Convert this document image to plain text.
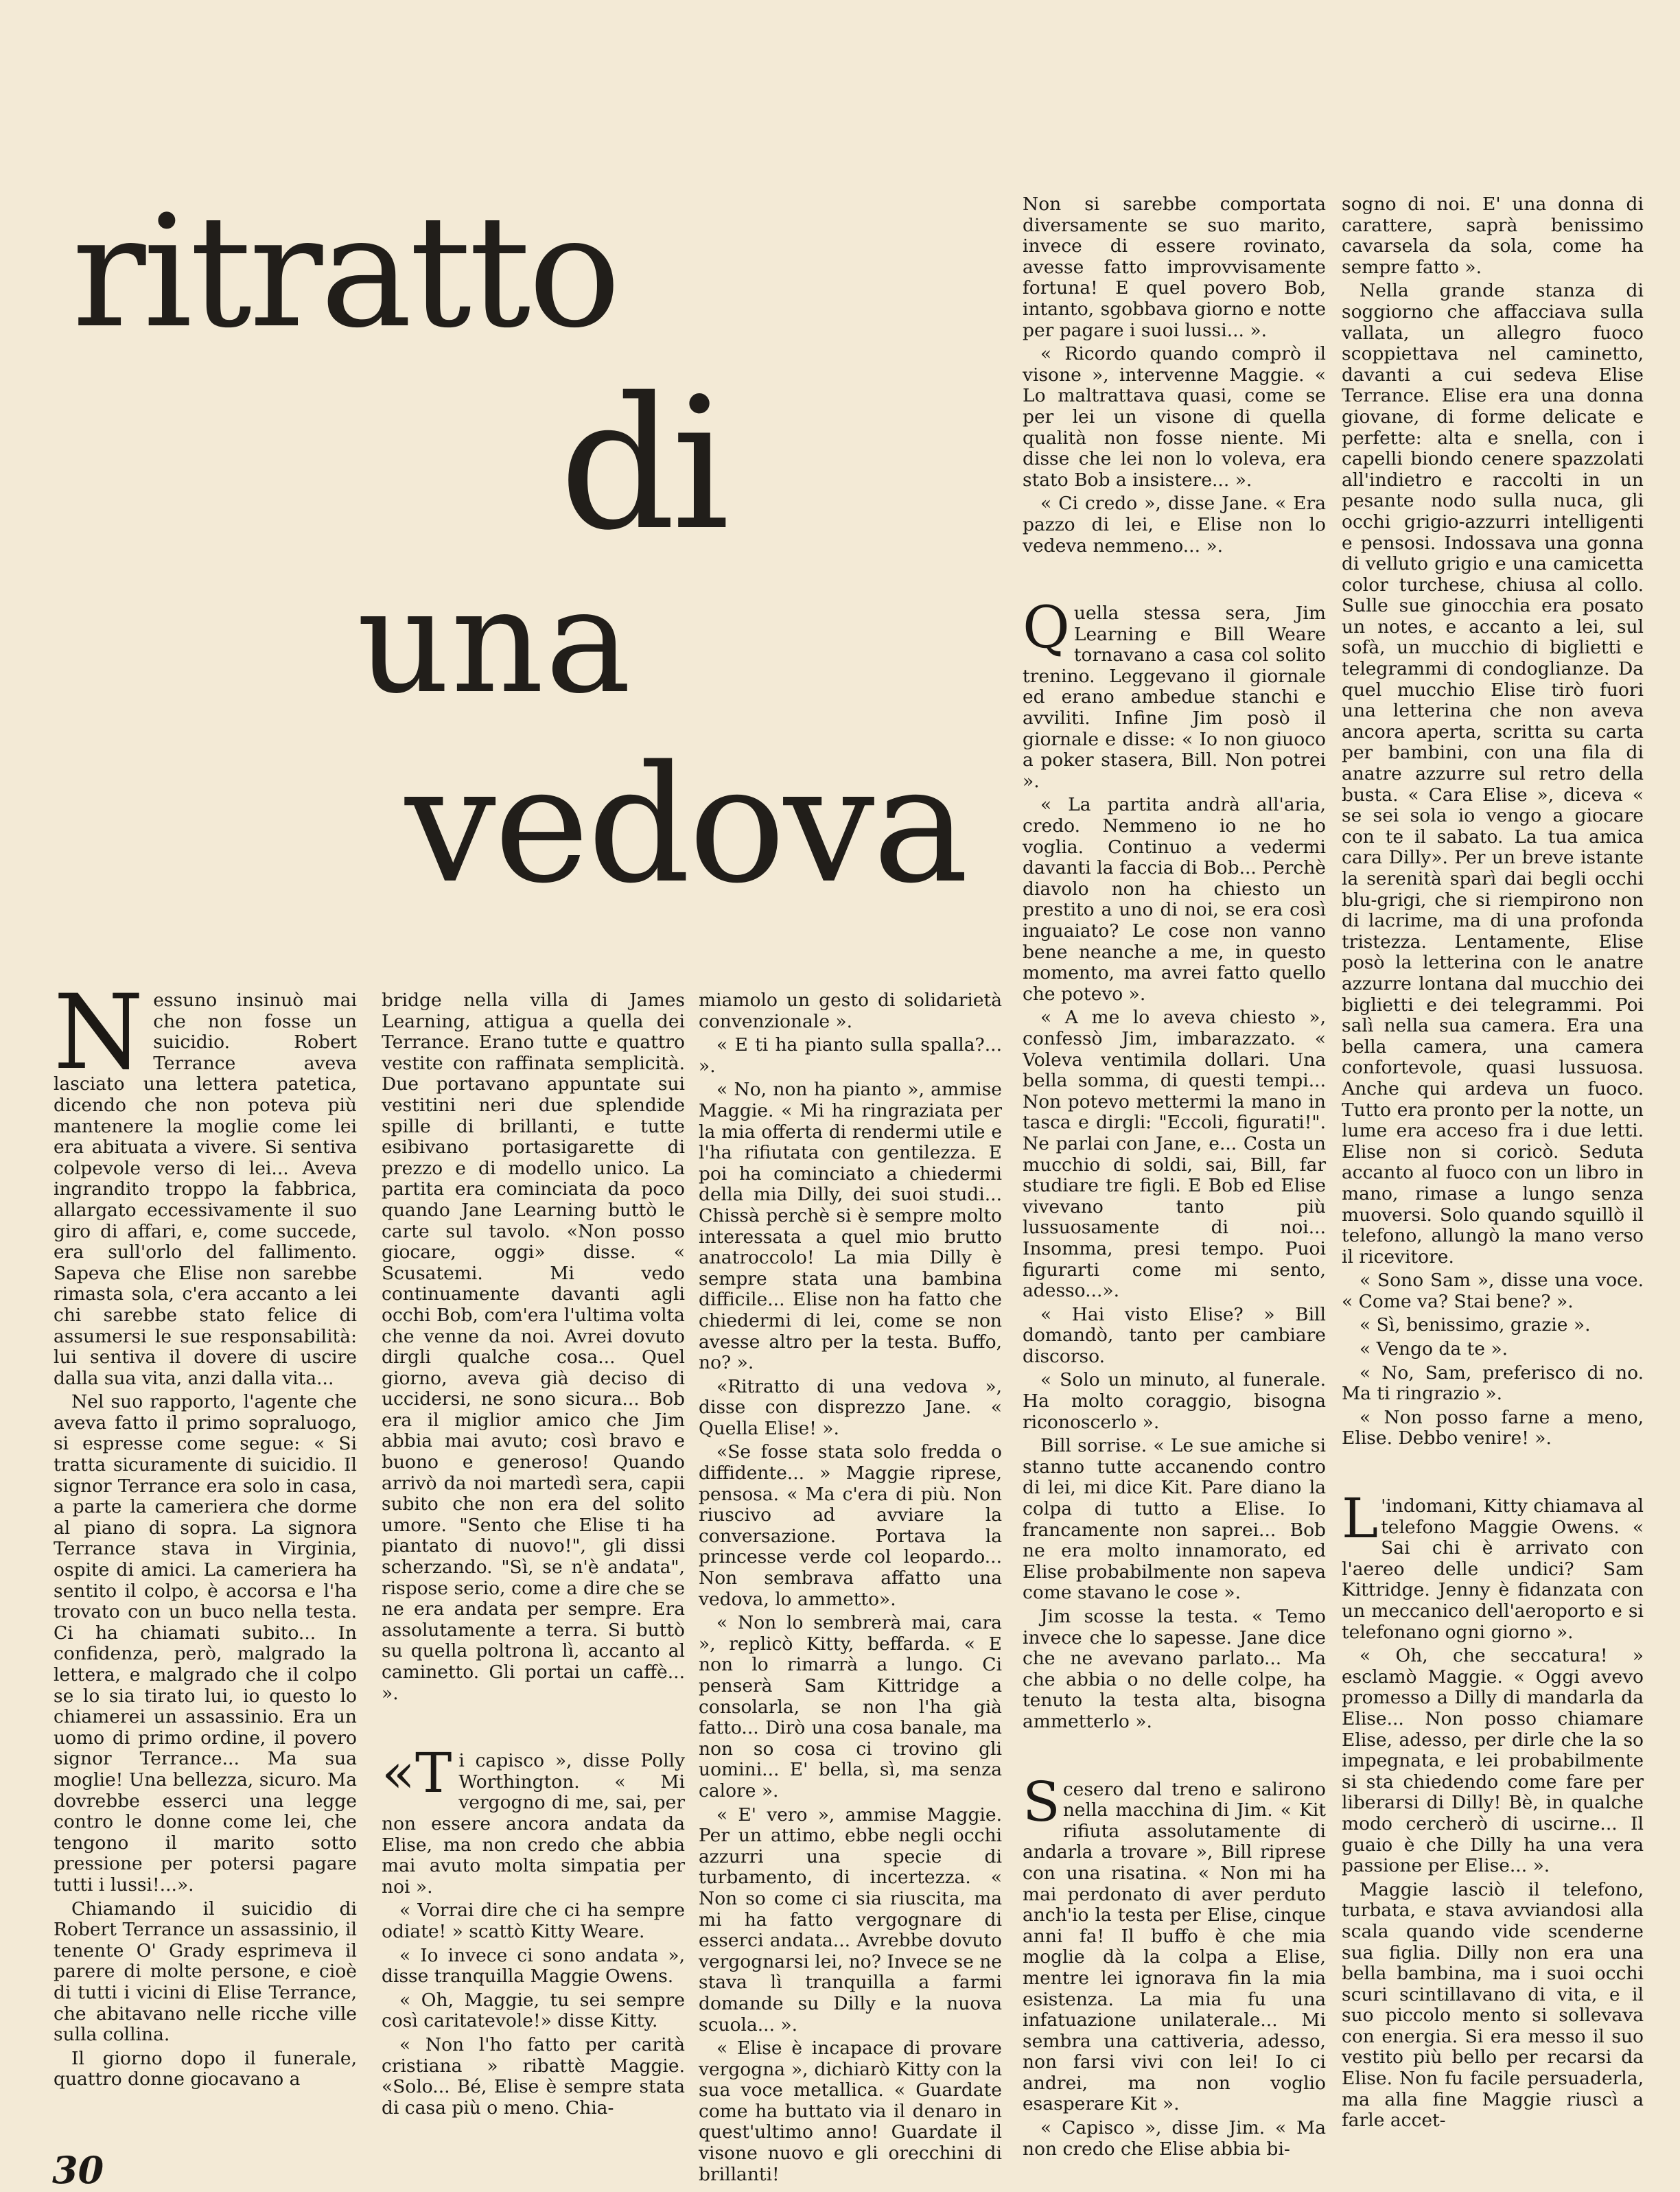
ritratto
di
una
vedova

Nessuno insinuò mai che non fosse un suicidio. Robert Terrance aveva lasciato una lettera patetica, dicendo che non poteva più mantenere la moglie come lei era abituata a vivere. Si sentiva colpevole verso di lei... Aveva ingrandito troppo la fabbrica, allargato eccessivamente il suo giro di affari, e, come succede, era sull'orlo del fallimento. Sapeva che Elise non sarebbe rimasta sola, c'era accanto a lei chi sarebbe stato felice di assumersi le sue responsabilità: lui sentiva il dovere di uscire dalla sua vita, anzi dalla vita...

Nel suo rapporto, l'agente che aveva fatto il primo sopraluogo, si espresse come segue: « Si tratta sicuramente di suicidio. Il signor Terrance era solo in casa, a parte la cameriera che dorme al piano di sopra. La signora Terrance stava in Virginia, ospite di amici. La cameriera ha sentito il colpo, è accorsa e l'ha trovato con un buco nella testa. Ci ha chiamati subito... In confidenza, però, malgrado la lettera, e malgrado che il colpo se lo sia tirato lui, io questo lo chiamerei un assassinio. Era un uomo di primo ordine, il povero signor Terrance... Ma sua moglie! Una bellezza, sicuro. Ma dovrebbe esserci una legge contro le donne come lei, che tengono il marito sotto pressione per potersi pagare tutti i lussi!...».

Chiamando il suicidio di Robert Terrance un assassinio, il tenente O' Grady esprimeva il parere di molte persone, e cioè di tutti i vicini di Elise Terrance, che abitavano nelle ricche ville sulla collina.

Il giorno dopo il funerale, quattro donne giocavano a

bridge nella villa di James Learning, attigua a quella dei Terrance. Erano tutte e quattro vestite con raffinata semplicità. Due portavano appuntate sui vestitini neri due splendide spille di brillanti, e tutte esibivano portasigarette di prezzo e di modello unico. La partita era cominciata da poco quando Jane Learning buttò le carte sul tavolo. «Non posso giocare, oggi» disse. « Scusatemi. Mi vedo continuamente davanti agli occhi Bob, com'era l'ultima volta che venne da noi. Avrei dovuto dirgli qualche cosa... Quel giorno, aveva già deciso di uccidersi, ne sono sicura... Bob era il miglior amico che Jim abbia mai avuto; così bravo e buono e generoso! Quando arrivò da noi martedì sera, capii subito che non era del solito umore. "Sento che Elise ti ha piantato di nuovo!", gli dissi scherzando. "Sì, se n'è andata", rispose serio, come a dire che se ne era andata per sempre. Era assolutamente a terra. Si buttò su quella poltrona lì, accanto al caminetto. Gli portai un caffè... ».

«Ti capisco », disse Polly Worthington. « Mi vergogno di me, sai, per non essere ancora andata da Elise, ma non credo che abbia mai avuto molta simpatia per noi ».

« Vorrai dire che ci ha sempre odiate! » scattò Kitty Weare.

« Io invece ci sono andata », disse tranquilla Maggie Owens.

« Oh, Maggie, tu sei sempre così caritatevole!» disse Kitty.

« Non l'ho fatto per carità cristiana » ribattè Maggie. «Solo... Bé, Elise è sempre stata di casa più o meno. Chia-

miamolo un gesto di solidarietà convenzionale ».

« E ti ha pianto sulla spalla?... ».

« No, non ha pianto », ammise Maggie. « Mi ha ringraziata per la mia offerta di rendermi utile e l'ha rifiutata con gentilezza. E poi ha cominciato a chiedermi della mia Dilly, dei suoi studi... Chissà perchè si è sempre molto interessata a quel mio brutto anatroccolo! La mia Dilly è sempre stata una bambina difficile... Elise non ha fatto che chiedermi di lei, come se non avesse altro per la testa. Buffo, no? ».

«Ritratto di una vedova », disse con disprezzo Jane. « Quella Elise! ».

«Se fosse stata solo fredda o diffidente... » Maggie riprese, pensosa. « Ma c'era di più. Non riuscivo ad avviare la conversazione. Portava la princesse verde col leopardo... Non sembrava affatto una vedova, lo ammetto».

« Non lo sembrerà mai, cara », replicò Kitty, beffarda. « E non lo rimarrà a lungo. Ci penserà Sam Kittridge a consolarla, se non l'ha già fatto... Dirò una cosa banale, ma non so cosa ci trovino gli uomini... E' bella, sì, ma senza calore ».

« E' vero », ammise Maggie. Per un attimo, ebbe negli occhi azzurri una specie di turbamento, di incertezza. « Non so come ci sia riuscita, ma mi ha fatto vergognare di esserci andata... Avrebbe dovuto vergognarsi lei, no? Invece se ne stava lì tranquilla a farmi domande su Dilly e la nuova scuola... ».

« Elise è incapace di provare vergogna », dichiarò Kitty con la sua voce metallica. « Guardate come ha buttato via il denaro in quest'ultimo anno! Guardate il visone nuovo e gli orecchini di brillanti!

Non si sarebbe comportata diversamente se suo marito, invece di essere rovinato, avesse fatto improvvisamente fortuna! E quel povero Bob, intanto, sgobbava giorno e notte per pagare i suoi lussi... ».

« Ricordo quando comprò il visone », intervenne Maggie. « Lo maltrattava quasi, come se per lei un visone di quella qualità non fosse niente. Mi disse che lei non lo voleva, era stato Bob a insistere... ».

« Ci credo », disse Jane. « Era pazzo di lei, e Elise non lo vedeva nemmeno... ».

Quella stessa sera, Jim Learning e Bill Weare tornavano a casa col solito trenino. Leggevano il giornale ed erano ambedue stanchi e avviliti. Infine Jim posò il giornale e disse: « Io non giuoco a poker stasera, Bill. Non potrei ».

« La partita andrà all'aria, credo. Nemmeno io ne ho voglia. Continuo a vedermi davanti la faccia di Bob... Perchè diavolo non ha chiesto un prestito a uno di noi, se era così inguaiato? Le cose non vanno bene neanche a me, in questo momento, ma avrei fatto quello che potevo ».

« A me lo aveva chiesto », confessò Jim, imbarazzato. « Voleva ventimila dollari. Una bella somma, di questi tempi... Non potevo mettermi la mano in tasca e dirgli: "Eccoli, figurati!". Ne parlai con Jane, e... Costa un mucchio di soldi, sai, Bill, far studiare tre figli. E Bob ed Elise vivevano tanto più lussuosamente di noi... Insomma, presi tempo. Puoi figurarti come mi sento, adesso...».

« Hai visto Elise? » Bill domandò, tanto per cambiare discorso.

« Solo un minuto, al funerale. Ha molto coraggio, bisogna riconoscerlo ».

Bill sorrise. « Le sue amiche si stanno tutte accanendo contro di lei, mi dice Kit. Pare diano la colpa di tutto a Elise. Io francamente non saprei... Bob ne era molto innamorato, ed Elise probabilmente non sapeva come stavano le cose ».

Jim scosse la testa. « Temo invece che lo sapesse. Jane dice che ne avevano parlato... Ma che abbia o no delle colpe, ha tenuto la testa alta, bisogna ammetterlo ».

Scesero dal treno e salirono nella macchina di Jim. « Kit rifiuta assolutamente di andarla a trovare », Bill riprese con una risatina. « Non mi ha mai perdonato di aver perduto anch'io la testa per Elise, cinque anni fa! Il buffo è che mia moglie dà la colpa a Elise, mentre lei ignorava fin la mia esistenza. La mia fu una infatuazione unilaterale... Mi sembra una cattiveria, adesso, non farsi vivi con lei! Io ci andrei, ma non voglio esasperare Kit ».

« Capisco », disse Jim. « Ma non credo che Elise abbia bi-

sogno di noi. E' una donna di carattere, saprà benissimo cavarsela da sola, come ha sempre fatto ».

Nella grande stanza di soggiorno che affacciava sulla vallata, un allegro fuoco scoppiettava nel caminetto, davanti a cui sedeva Elise Terrance. Elise era una donna giovane, di forme delicate e perfette: alta e snella, con i capelli biondo cenere spazzolati all'indietro e raccolti in un pesante nodo sulla nuca, gli occhi grigio-azzurri intelligenti e pensosi. Indossava una gonna di velluto grigio e una camicetta color turchese, chiusa al collo. Sulle sue ginocchia era posato un notes, e accanto a lei, sul sofà, un mucchio di biglietti e telegrammi di condoglianze. Da quel mucchio Elise tirò fuori una letterina che non aveva ancora aperta, scritta su carta per bambini, con una fila di anatre azzurre sul retro della busta. « Cara Elise », diceva « se sei sola io vengo a giocare con te il sabato. La tua amica cara Dilly». Per un breve istante la serenità sparì dai begli occhi blu-grigi, che si riempirono non di lacrime, ma di una profonda tristezza. Lentamente, Elise posò la letterina con le anatre azzurre lontana dal mucchio dei biglietti e dei telegrammi. Poi salì nella sua camera. Era una bella camera, una camera confortevole, quasi lussuosa. Anche qui ardeva un fuoco. Tutto era pronto per la notte, un lume era acceso fra i due letti. Elise non si coricò. Seduta accanto al fuoco con un libro in mano, rimase a lungo senza muoversi. Solo quando squillò il telefono, allungò la mano verso il ricevitore.

« Sono Sam », disse una voce. « Come va? Stai bene? ».

« Sì, benissimo, grazie ».

« Vengo da te ».

« No, Sam, preferisco di no. Ma ti ringrazio ».

« Non posso farne a meno, Elise. Debbo venire! ».

L 'indomani, Kitty chiamava al telefono Maggie Owens. « Sai chi è arrivato con l'aereo delle undici? Sam Kittridge. Jenny è fidanzata con un meccanico dell'aeroporto e si telefonano ogni giorno ».

« Oh, che seccatura! » esclamò Maggie. « Oggi avevo promesso a Dilly di mandarla da Elise... Non posso chiamare Elise, adesso, per dirle che la so impegnata, e lei probabilmente si sta chiedendo come fare per liberarsi di Dilly! Bè, in qualche modo cercherò di uscirne... Il guaio è che Dilly ha una vera passione per Elise... ».

Maggie lasciò il telefono, turbata, e stava avviandosi alla scala quando vide scenderne sua figlia. Dilly non era una bella bambina, ma i suoi occhi scuri scintillavano di vita, e il suo piccolo mento si sollevava con energia. Si era messo il suo vestito più bello per recarsi da Elise. Non fu facile persuaderla, ma alla fine Maggie riuscì a farle accet-

30
